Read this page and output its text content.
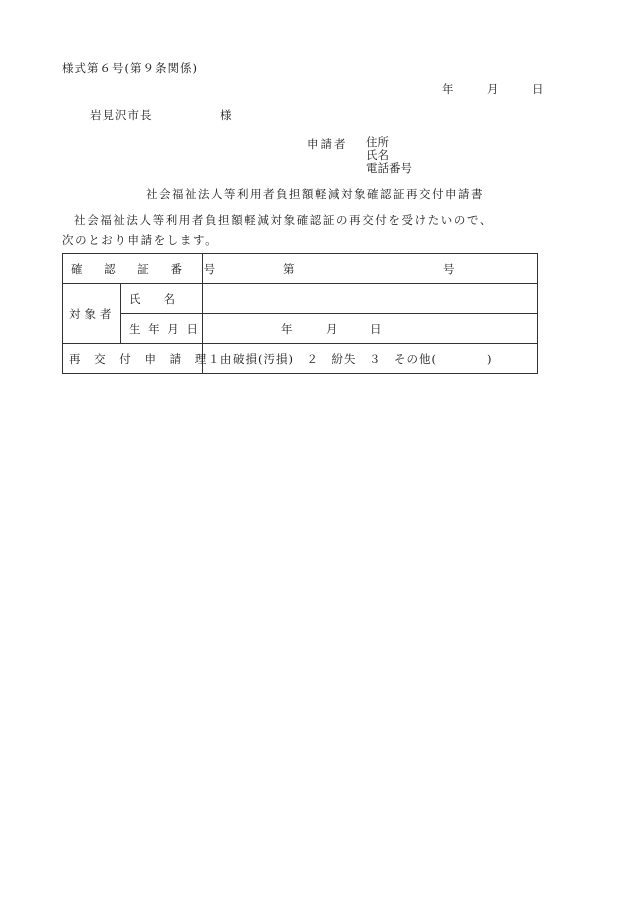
様式第６号(第９条関係)
年	月	日
岩見沢市長	様
申請者 住所
氏名
電話番号
社会福祉法人等利用者負担額軽減対象確認証再交付申請書

社会福祉法人等利用者負担額軽減対象確認証の再交付を受けたいので、

次のとおり申請をします。

確 認 証 番 号		第 号

対象者	氏　　名	

	生 年 月 日	年 月 日

再 交 付 申 請 理 由		１　破損(汚損)　２　紛失　３　その他(　　　　)
